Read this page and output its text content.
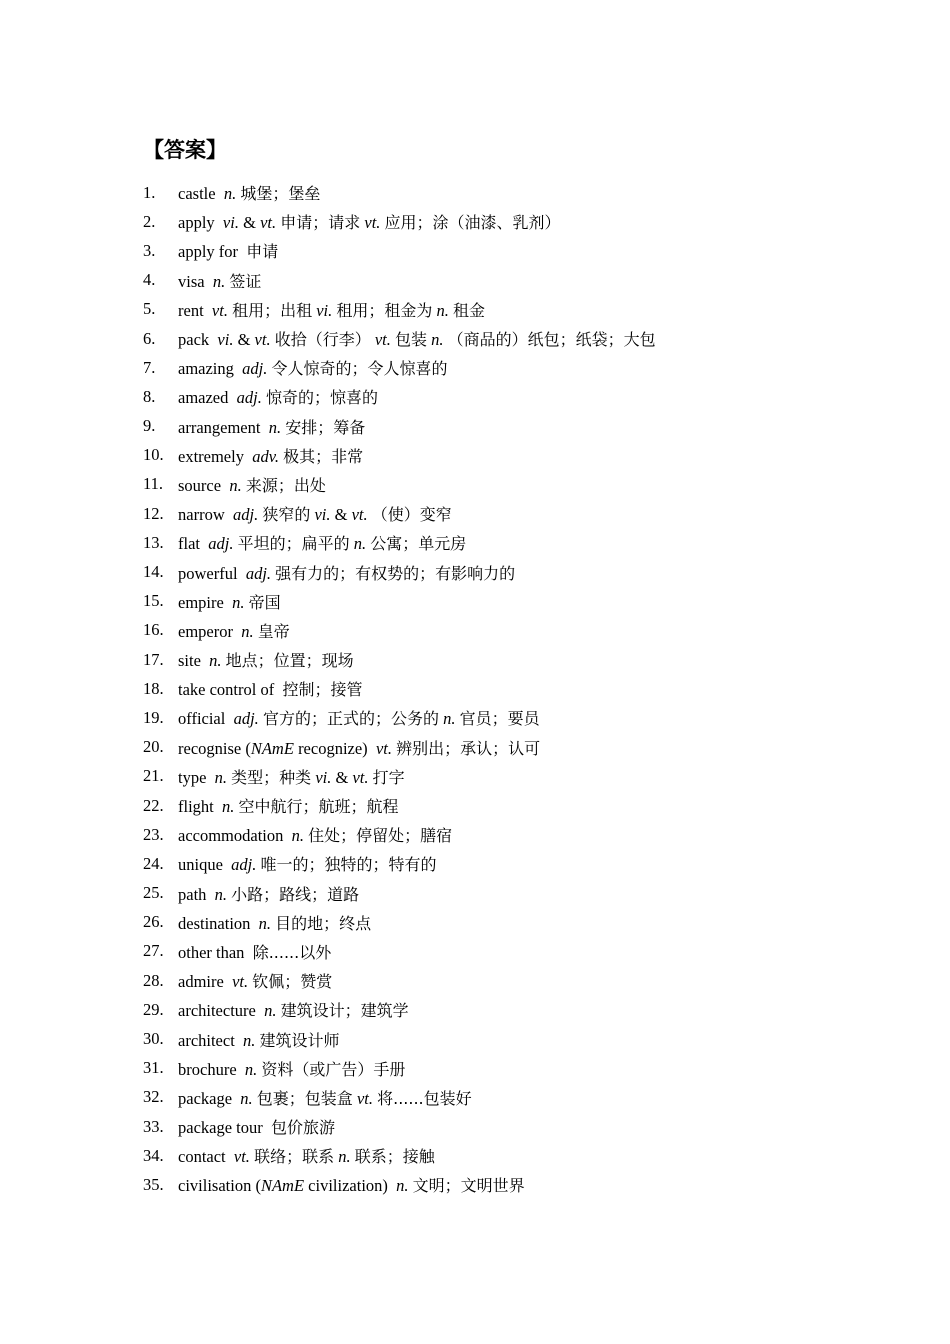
【答案】
1.	castle n. 城堡；堡垒
2.	apply vi. & vt. 申请；请求 vt. 应用；涂（油漆、乳剂）
3.	apply for 申请
4.	visa n. 签证
5.	rent vt. 租用；出租 vi. 租用；租金为 n. 租金
6.	pack vi. & vt. 收拾（行李） vt. 包装 n. （商品的）纸包；纸袋；大包
7.	amazing adj. 令人惊奇的；令人惊喜的
8.	amazed adj. 惊奇的；惊喜的
9.	arrangement n. 安排；筹备
10. extremely adv. 极其；非常
11. source n. 来源；出处
12. narrow adj. 狭窄的 vi. & vt. （使）变窄
13. flat adj. 平坦的；扁平的 n. 公寓；单元房
14. powerful adj. 强有力的；有权势的；有影响力的
15. empire n. 帝国
16. emperor n. 皇帝
17. site n. 地点；位置；现场
18. take control of 控制；接管
19. official adj. 官方的；正式的；公务的 n. 官员；要员
20. recognise (NAmE recognize) vt. 辨别出；承认；认可
21. type n. 类型；种类 vi. & vt. 打字
22. flight n. 空中航行；航班；航程
23. accommodation n. 住处；停留处；膳宿
24. unique adj. 唯一的；独特的；特有的
25. path n. 小路；路线；道路
26. destination n. 目的地；终点
27. other than 除......以外
28. admire vt. 钦佩；赞赏
29. architecture n. 建筑设计；建筑学
30. architect n. 建筑设计师
31. brochure n. 资料（或广告）手册
32. package n. 包裹；包装盒 vt. 将......包装好
33. package tour 包价旅游
34. contact vt. 联络；联系 n. 联系；接触
35. civilisation (NAmE civilization) n. 文明；文明世界
